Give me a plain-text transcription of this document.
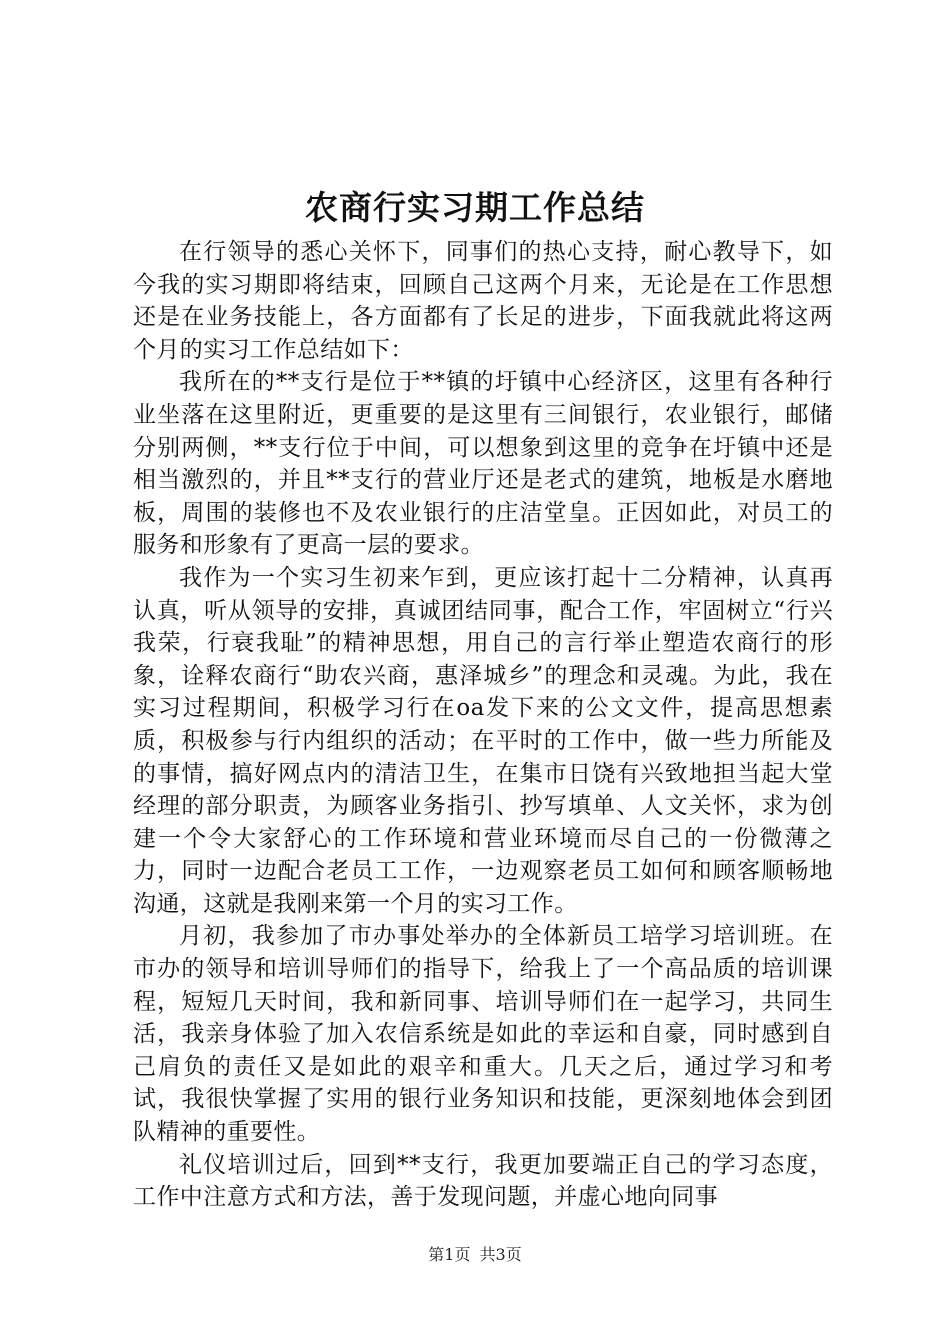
农商行实习期工作总结

在行领导的悉心关怀下，同事们的热心支持，耐心教导下，如今我的实习期即将结束，回顾自己这两个月来，无论是在工作思想还是在业务技能上，各方面都有了长足的进步，下面我就此将这两个月的实习工作总结如下：

我所在的**支行是位于**镇的圩镇中心经济区，这里有各种行业坐落在这里附近，更重要的是这里有三间银行，农业银行，邮储分别两侧，**支行位于中间，可以想象到这里的竞争在圩镇中还是相当激烈的，并且**支行的营业厅还是老式的建筑，地板是水磨地板，周围的装修也不及农业银行的庄洁堂皇。正因如此，对员工的服务和形象有了更高一层的要求。

我作为一个实习生初来乍到，更应该打起十二分精神，认真再认真，听从领导的安排，真诚团结同事，配合工作，牢固树立“行兴我荣，行衰我耻”的精神思想，用自己的言行举止塑造农商行的形象，诠释农商行“助农兴商，惠泽城乡”的理念和灵魂。为此，我在实习过程期间，积极学习行在oa发下来的公文文件，提高思想素质，积极参与行内组织的活动；在平时的工作中，做一些力所能及的事情，搞好网点内的清洁卫生，在集市日饶有兴致地担当起大堂经理的部分职责，为顾客业务指引、抄写填单、人文关怀，求为创建一个令大家舒心的工作环境和营业环境而尽自己的一份微薄之力，同时一边配合老员工工作，一边观察老员工如何和顾客顺畅地沟通，这就是我刚来第一个月的实习工作。

月初，我参加了市办事处举办的全体新员工培学习培训班。在市办的领导和培训导师们的指导下，给我上了一个高品质的培训课程，短短几天时间，我和新同事、培训导师们在一起学习，共同生活，我亲身体验了加入农信系统是如此的幸运和自豪，同时感到自己肩负的责任又是如此的艰辛和重大。几天之后，通过学习和考试，我很快掌握了实用的银行业务知识和技能，更深刻地体会到团队精神的重要性。

礼仪培训过后，回到**支行，我更加要端正自己的学习态度，工作中注意方式和方法，善于发现问题，并虚心地向同事

第1页 共3页
